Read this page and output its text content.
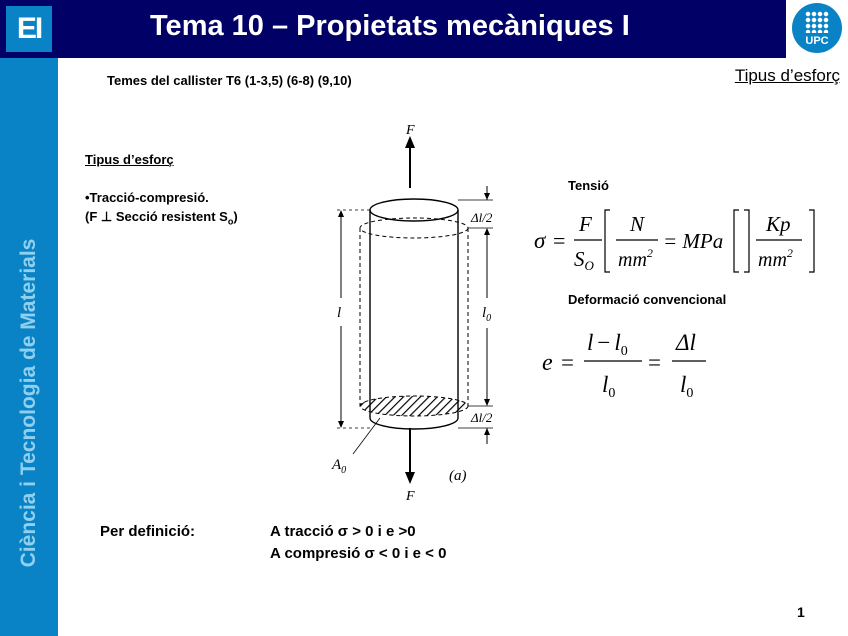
EI	Tema 10 – Propietats mecàniques I	UPC
Ciència i Tecnologia de Materials
Temes del callister T6 (1-3,5) (6-8) (9,10)	Tipus d’esforç
Tipus d’esforç
•Tracció-compresió.
(F ⊥ Secció resistent $S_o$)
F
F
l
Δl/2
$l_0$
Δl/2
$A_0$	(a)
Tensió
σ =
F
SO
N
$mm^2$ = MPa
Kp
$mm^2$
Deformació convencional
e =
$l - l_0$
$l_0$
=
Δl
$l_0$
Per definició:	A tracció σ > 0 i e >0
A compresió σ < 0 i e < 0
1
